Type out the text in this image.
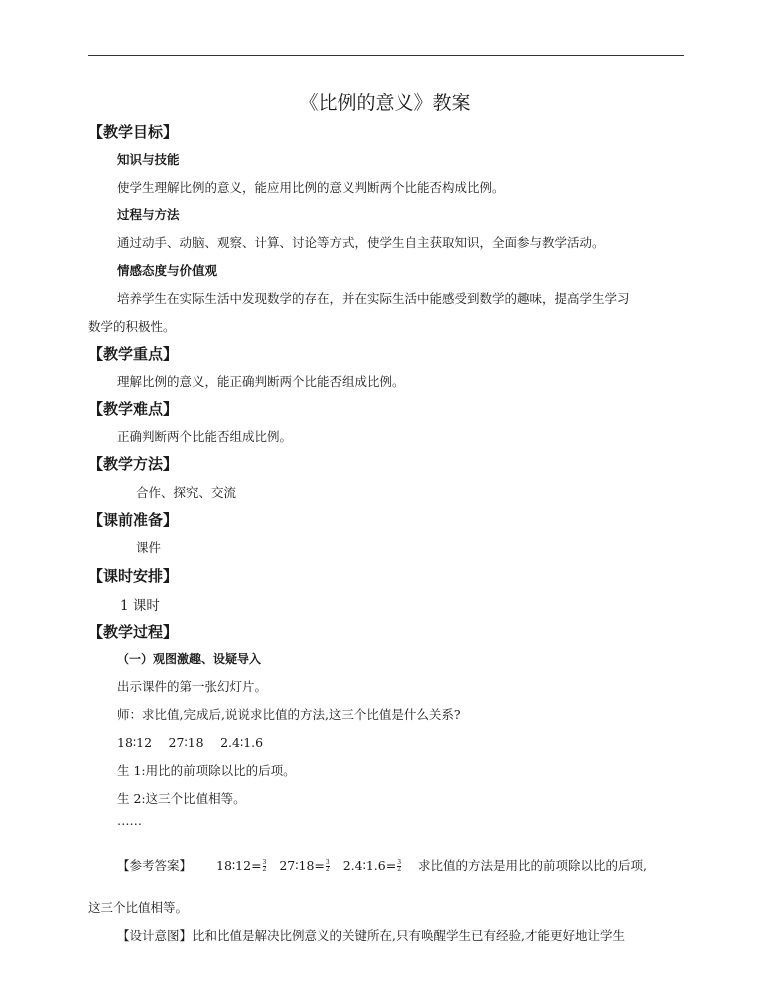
《比例的意义》教案
【教学目标】
知识与技能
使学生理解比例的意义，能应用比例的意义判断两个比能否构成比例。
过程与方法
通过动手、动脑、观察、计算、讨论等方式，使学生自主获取知识，全面参与教学活动。
情感态度与价值观
培养学生在实际生活中发现数学的存在，并在实际生活中能感受到数学的趣味，提高学生学习
数学的积极性。
【教学重点】
理解比例的意义，能正确判断两个比能否组成比例。
【教学难点】
正确判断两个比能否组成比例。
【教学方法】
合作、探究、交流
【课前准备】
课件
【课时安排】
1 课时
【教学过程】
（一）观图激趣、设疑导入
出示课件的第一张幻灯片。
师：求比值,完成后,说说求比值的方法,这三个比值是什么关系?
18∶12　 27∶18　 2.4∶1.6
生 1:用比的前项除以比的后项。
生 2:这三个比值相等。
……
【参考答案】 18∶12= $\frac{3}{2}$ 27∶18= $\frac{3}{2}$ 2.4∶1.6= $\frac{3}{2}$ 求比值的方法是用比的前项除以比的后项,
这三个比值相等。
【设计意图】比和比值是解决比例意义的关键所在,只有唤醒学生已有经验,才能更好地让学生
